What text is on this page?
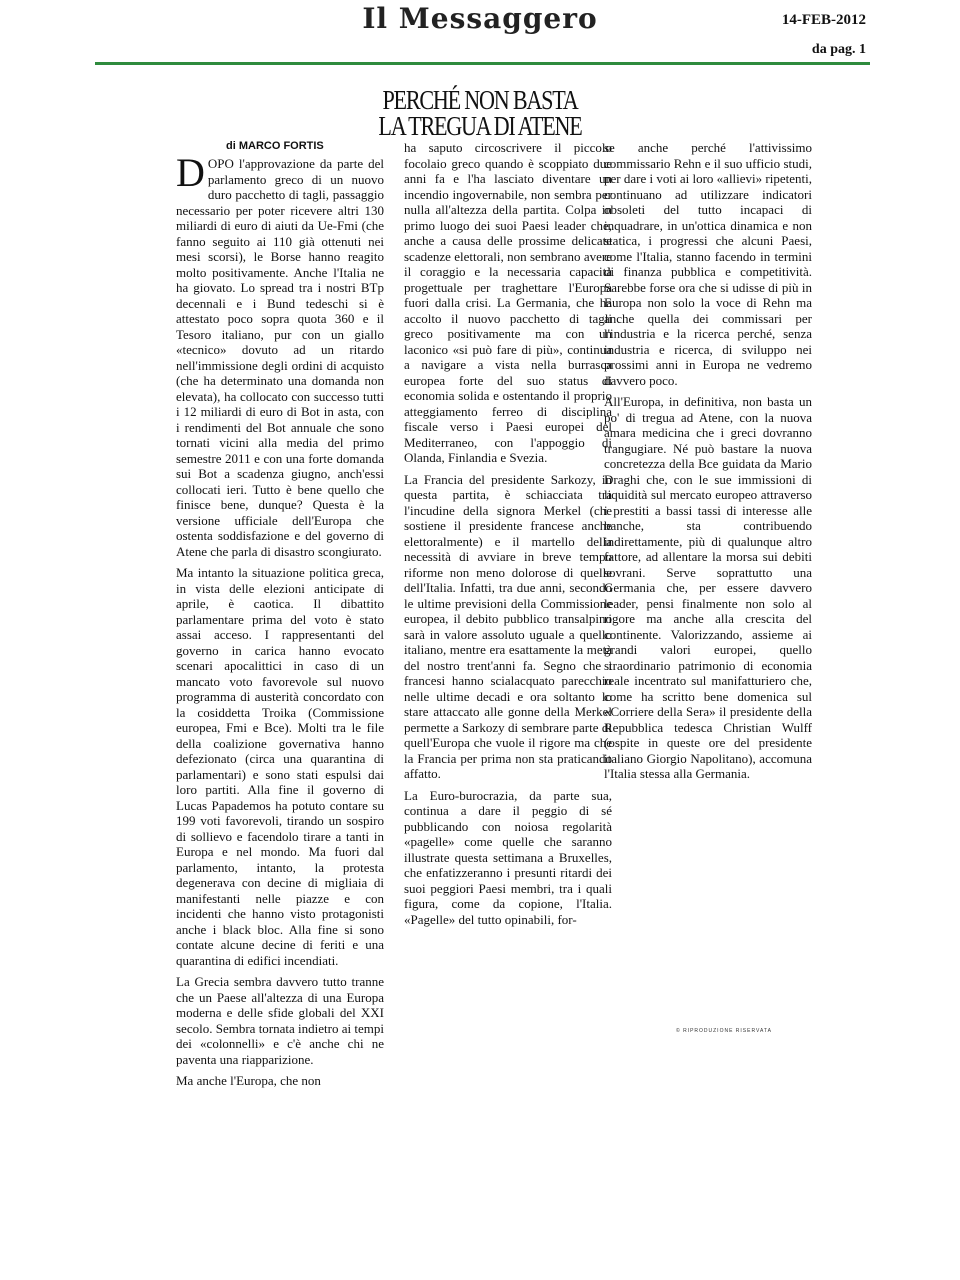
Il Messaggero	14-FEB-2012
da pag. 1
PERCHÉ NON BASTA
LA TREGUA DI ATENE
di MARCO FORTIS

DOPO l'approvazione da parte del parlamento greco di un nuovo duro pacchetto di tagli, passaggio necessario per poter ricevere altri 130 miliardi di euro di aiuti da Ue-Fmi (che fanno seguito ai 110 già ottenuti nei mesi scorsi), le Borse hanno reagito molto positivamente. Anche l'Italia ne ha giovato. Lo spread tra i nostri BTp decennali e i Bund tedeschi si è attestato poco sopra quota 360 e il Tesoro italiano, pur con un giallo «tecnico» dovuto ad un ritardo nell'immissione degli ordini di acquisto (che ha determinato una domanda non elevata), ha collocato con successo tutti i 12 miliardi di euro di Bot in asta, con i rendimenti del Bot annuale che sono tornati vicini alla media del primo semestre 2011 e con una forte domanda sui Bot a scadenza giugno, anch'essi collocati ieri. Tutto è bene quello che finisce bene, dunque? Questa è la versione ufficiale dell'Europa che ostenta soddisfazione e del governo di Atene che parla di disastro scongiurato.

Ma intanto la situazione politica greca, in vista delle elezioni anticipate di aprile, è caotica. Il dibattito parlamentare prima del voto è stato assai acceso. I rappresentanti del governo in carica hanno evocato scenari apocalittici in caso di un mancato voto favorevole sul nuovo programma di austerità concordato con la cosiddetta Troika (Commissione europea, Fmi e Bce). Molti tra le file della coalizione governativa hanno defezionato (circa una quarantina di parlamentari) e sono stati espulsi dai loro partiti. Alla fine il governo di Lucas Papademos ha potuto contare su 199 voti favorevoli, tirando un sospiro di sollievo e facendolo tirare a tanti in Europa e nel mondo. Ma fuori dal parlamento, intanto, la protesta degenerava con decine di migliaia di manifestanti nelle piazze e con incidenti che hanno visto protagonisti anche i black bloc. Alla fine si sono contate alcune decine di feriti e una quarantina di edifici incendiati.

La Grecia sembra davvero tutto tranne che un Paese all'altezza di una Europa moderna e delle sfide globali del XXI secolo. Sembra tornata indietro ai tempi dei «colonnelli» e c'è anche chi ne paventa una riapparizione.

Ma anche l'Europa, che non

ha saputo circoscrivere il piccolo focolaio greco quando è scoppiato due anni fa e l'ha lasciato diventare un incendio ingovernabile, non sembra per nulla all'altezza della partita. Colpa in primo luogo dei suoi Paesi leader che, anche a causa delle prossime delicate scadenze elettorali, non sembrano avere il coraggio e la necessaria capacità progettuale per traghettare l'Europa fuori dalla crisi. La Germania, che ha accolto il nuovo pacchetto di tagli greco positivamente ma con un laconico «si può fare di più», continua a navigare a vista nella burrasca europea forte del suo status di economia solida e ostentando il proprio atteggiamento ferreo di disciplina fiscale verso i Paesi europei del Mediterraneo, con l'appoggio di Olanda, Finlandia e Svezia.

La Francia del presidente Sarkozy, in questa partita, è schiacciata tra l'incudine della signora Merkel (che sostiene il presidente francese anche elettoralmente) e il martello della necessità di avviare in breve tempo riforme non meno dolorose di quelle dell'Italia. Infatti, tra due anni, secondo le ultime previsioni della Commissione europea, il debito pubblico transalpino sarà in valore assoluto uguale a quello italiano, mentre era esattamente la metà del nostro trent'anni fa. Segno che i francesi hanno scialacquato parecchio nelle ultime decadi e ora soltanto lo stare attaccato alle gonne della Merkel permette a Sarkozy di sembrare parte di quell'Europa che vuole il rigore ma che la Francia per prima non sta praticando affatto.

La Euro-burocrazia, da parte sua, continua a dare il peggio di sé pubblicando con noiosa regolarità «pagelle» come quelle che saranno illustrate questa settimana a Bruxelles, che enfatizzeranno i presunti ritardi dei suoi peggiori Paesi membri, tra i quali figura, come da copione, l'Italia. «Pagelle» del tutto opinabili, for-

se anche perché l'attivissimo commissario Rehn e il suo ufficio studi, per dare i voti ai loro «allievi» ripetenti, continuano ad utilizzare indicatori obsoleti del tutto incapaci di inquadrare, in un'ottica dinamica e non statica, i progressi che alcuni Paesi, come l'Italia, stanno facendo in termini di finanza pubblica e competitività. Sarebbe forse ora che si udisse di più in Europa non solo la voce di Rehn ma anche quella dei commissari per l'industria e la ricerca perché, senza industria e ricerca, di sviluppo nei prossimi anni in Europa ne vedremo davvero poco.

All'Europa, in definitiva, non basta un po' di tregua ad Atene, con la nuova amara medicina che i greci dovranno trangugiare. Né può bastare la nuova concretezza della Bce guidata da Mario Draghi che, con le sue immissioni di liquidità sul mercato europeo attraverso i prestiti a bassi tassi di interesse alle banche, sta contribuendo indirettamente, più di qualunque altro fattore, ad allentare la morsa sui debiti sovrani. Serve soprattutto una Germania che, per essere davvero leader, pensi finalmente non solo al rigore ma anche alla crescita del continente. Valorizzando, assieme ai grandi valori europei, quello straordinario patrimonio di economia reale incentrato sul manifatturiero che, come ha scritto bene domenica sul «Corriere della Sera» il presidente della Repubblica tedesca Christian Wulff (ospite in queste ore del presidente italiano Giorgio Napolitano), accomuna l'Italia stessa alla Germania.

© RIPRODUZIONE RISERVATA
